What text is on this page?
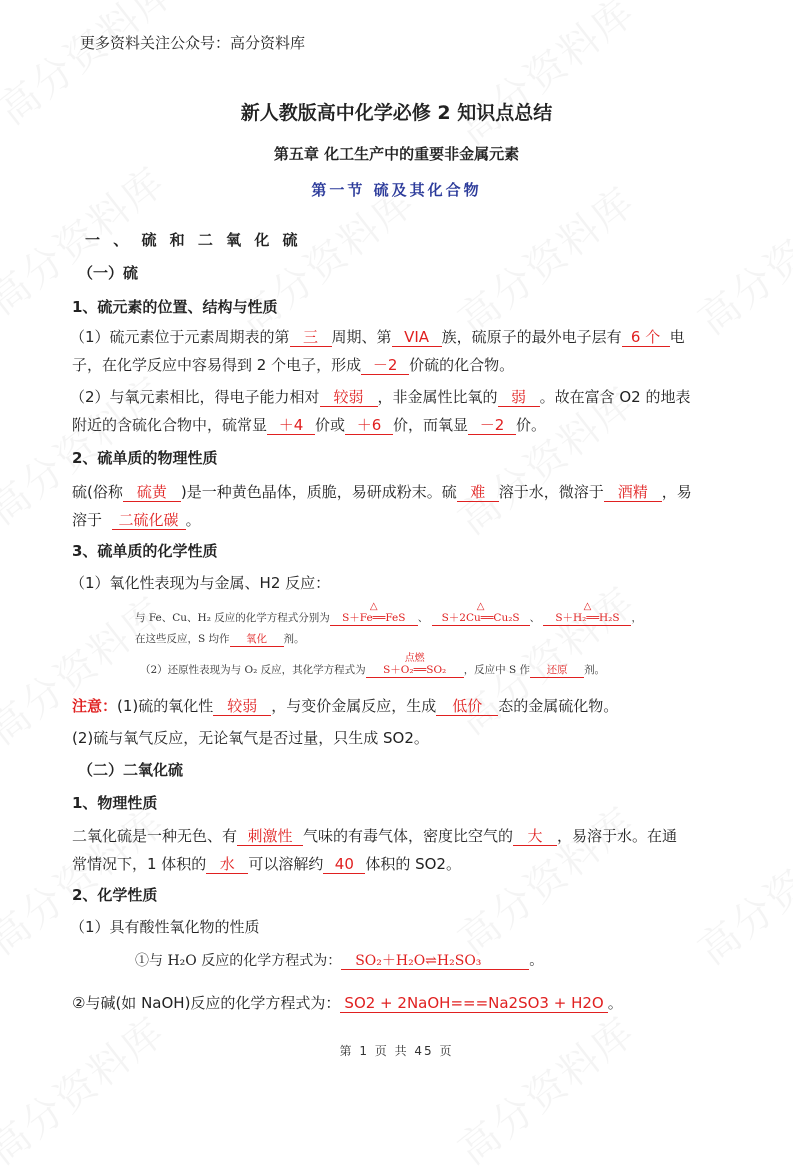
更多资料关注公众号：高分资料库
新人教版高中化学必修 2 知识点总结
第五章 化工生产中的重要非金属元素
第一节 硫及其化合物
一 、 硫 和 二 氧 化 硫
（一）硫
1、硫元素的位置、结构与性质
（1）硫元素位于元素周期表的第 三 周期、第 VIA 族，硫原子的最外电子层有 6 个 电
子，在化学反应中容易得到 2 个电子，形成 －2 价硫的化合物。
（2）与氧元素相比，得电子能力相对 较弱 ，非金属性比氧的 弱 。故在富含 O2 的地表
附近的含硫化合物中，硫常显 ＋4 价或 ＋6 价，而氧显 －2 价。
2、硫单质的物理性质
硫(俗称 硫黄 )是一种黄色晶体，质脆，易研成粉末。硫 难 溶于水，微溶于 酒精 ，易
溶于 二硫化碳 。
3、硫单质的化学性质
（1）氧化性表现为与金属、H2 反应：
与 Fe、Cu、H₂ 反应的化学方程式分别为
△
S＋Fe══FeS 、
△
S＋2Cu══Cu₂S 、
△
S＋H₂══H₂S ，
在这些反应，S 均作 氧化 剂。
（2）还原性表现为与 O₂ 反应，其化学方程式为
点燃
S＋O₂══SO₂ ，反应中 S 作 还原 剂。
注意：(1)硫的氧化性 较弱 ，与变价金属反应，生成 低价 态的金属硫化物。
(2)硫与氧气反应，无论氧气是否过量，只生成 SO2。
（二）二氧化硫
1、物理性质
二氧化硫是一种无色、有 刺激性 气味的有毒气体，密度比空气的 大 ，易溶于水。在通
常情况下，1 体积的 水 可以溶解约 40 体积的 SO2。
2、化学性质
（1）具有酸性氧化物的性质
①与 H₂O 反应的化学方程式为： SO₂＋H₂O⇌H₂SO₃	。
②与碱(如 NaOH)反应的化学方程式为： SO2 + 2NaOH===Na2SO3 + H2O 。
第 1 页 共 45 页
